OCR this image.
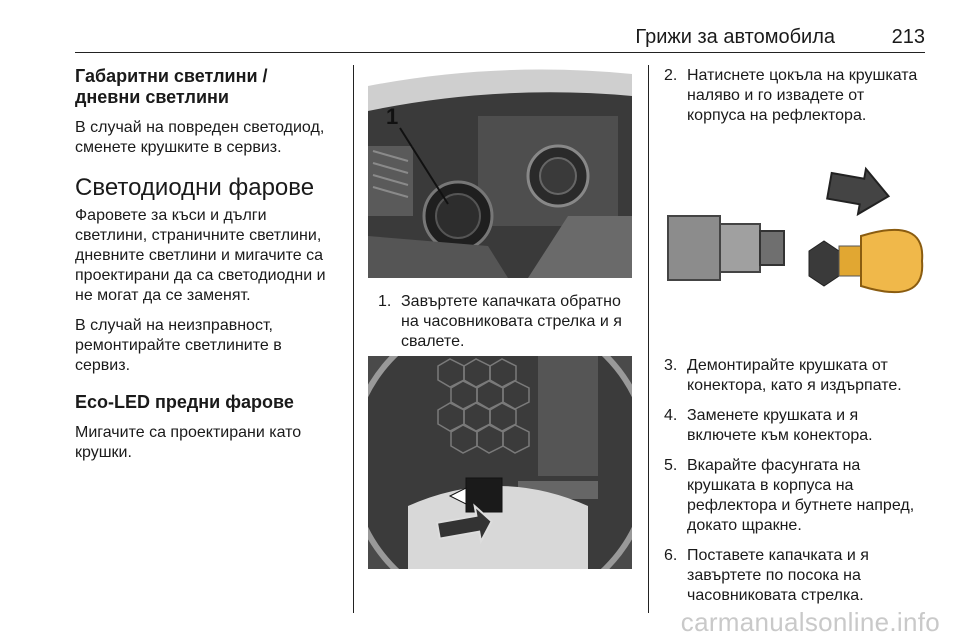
Грижи за автомобила	213
Габаритни светлини / дневни светлини

В случай на повреден светодиод, сменете крушките в сервиз.

Светодиодни фарове

Фаровете за къси и дълги светлини, страничните светлини, дневните светлини и мигачите са проектирани да са светодиодни и не могат да се заменят.

В случай на неизправност, ремонтирайте светлините в сервиз.

Eco-LED предни фарове

Мигачите са проектирани като крушки.

1
1. Завъртете капачката обратно на часовниковата стрелка и я свалете.
2. Натиснете цокъла на крушката наляво и го извадете от корпуса на рефлектора.
3. Демонтирайте крушката от конектора, като я издърпате.
4. Заменете крушката и я включете към конектора.
5. Вкарайте фасунгата на крушката в корпуса на рефлектора и бутнете напред, докато щракне.
6. Поставете капачката и я завъртете по посока на часовниковата стрелка.
carmanualsonline.info
